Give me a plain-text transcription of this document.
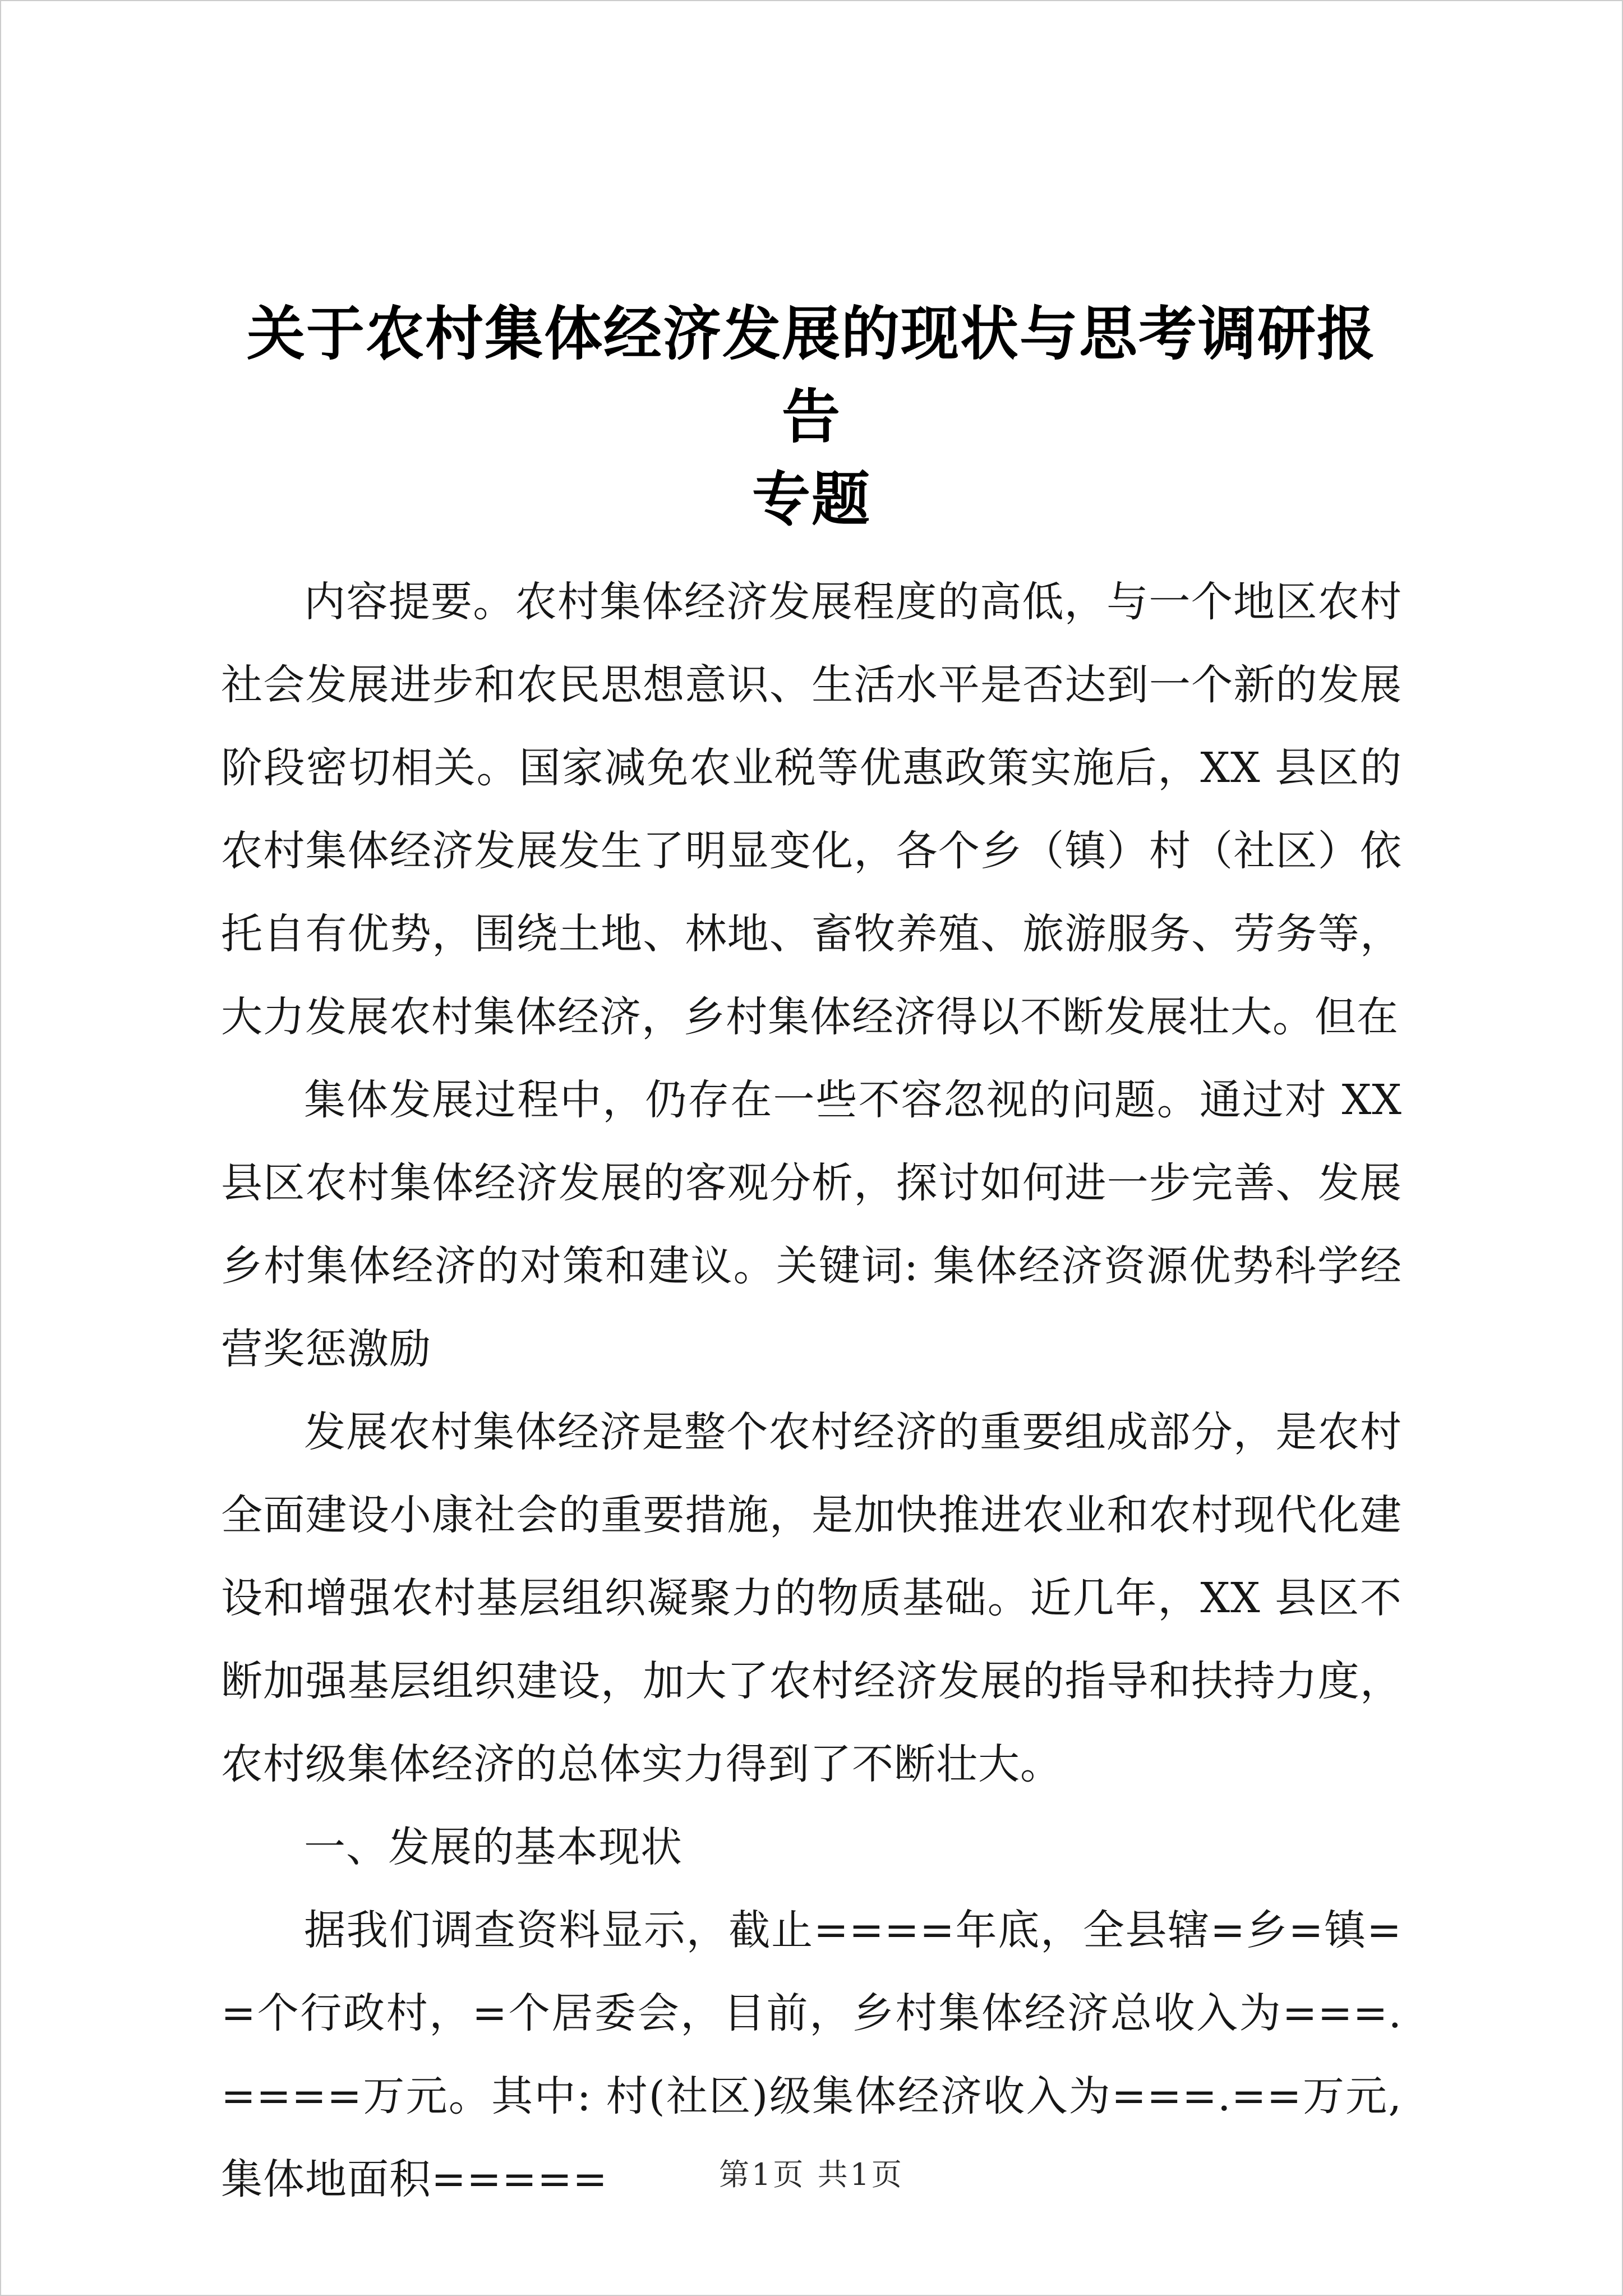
关于农村集体经济发展的现状与思考调研报告
专题

内容提要。农村集体经济发展程度的高低，与一个地区农村社会发展进步和农民思想意识、生活水平是否达到一个新的发展阶段密切相关。国家减免农业税等优惠政策实施后，XX 县区的农村集体经济发展发生了明显变化，各个乡（镇）村（社区）依托自有优势，围绕土地、林地、畜牧养殖、旅游服务、劳务等，大力发展农村集体经济，乡村集体经济得以不断发展壮大。但在

集体发展过程中，仍存在一些不容忽视的问题。通过对 XX 县区农村集体经济发展的客观分析，探讨如何进一步完善、发展乡村集体经济的对策和建议。关键词: 集体经济资源优势科学经营奖惩激励

发展农村集体经济是整个农村经济的重要组成部分，是农村全面建设小康社会的重要措施，是加快推进农业和农村现代化建设和增强农村基层组织凝聚力的物质基础。近几年，XX 县区不断加强基层组织建设，加大了农村经济发展的指导和扶持力度，农村级集体经济的总体实力得到了不断壮大。

一、发展的基本现状

据我们调查资料显示，截止====年底，全县辖=乡=镇==个行政村，=个居委会，目前，乡村集体经济总收入为===.====万元。其中: 村(社区)级集体经济收入为===.==万元,集体地面积=====	第1页 共1页
